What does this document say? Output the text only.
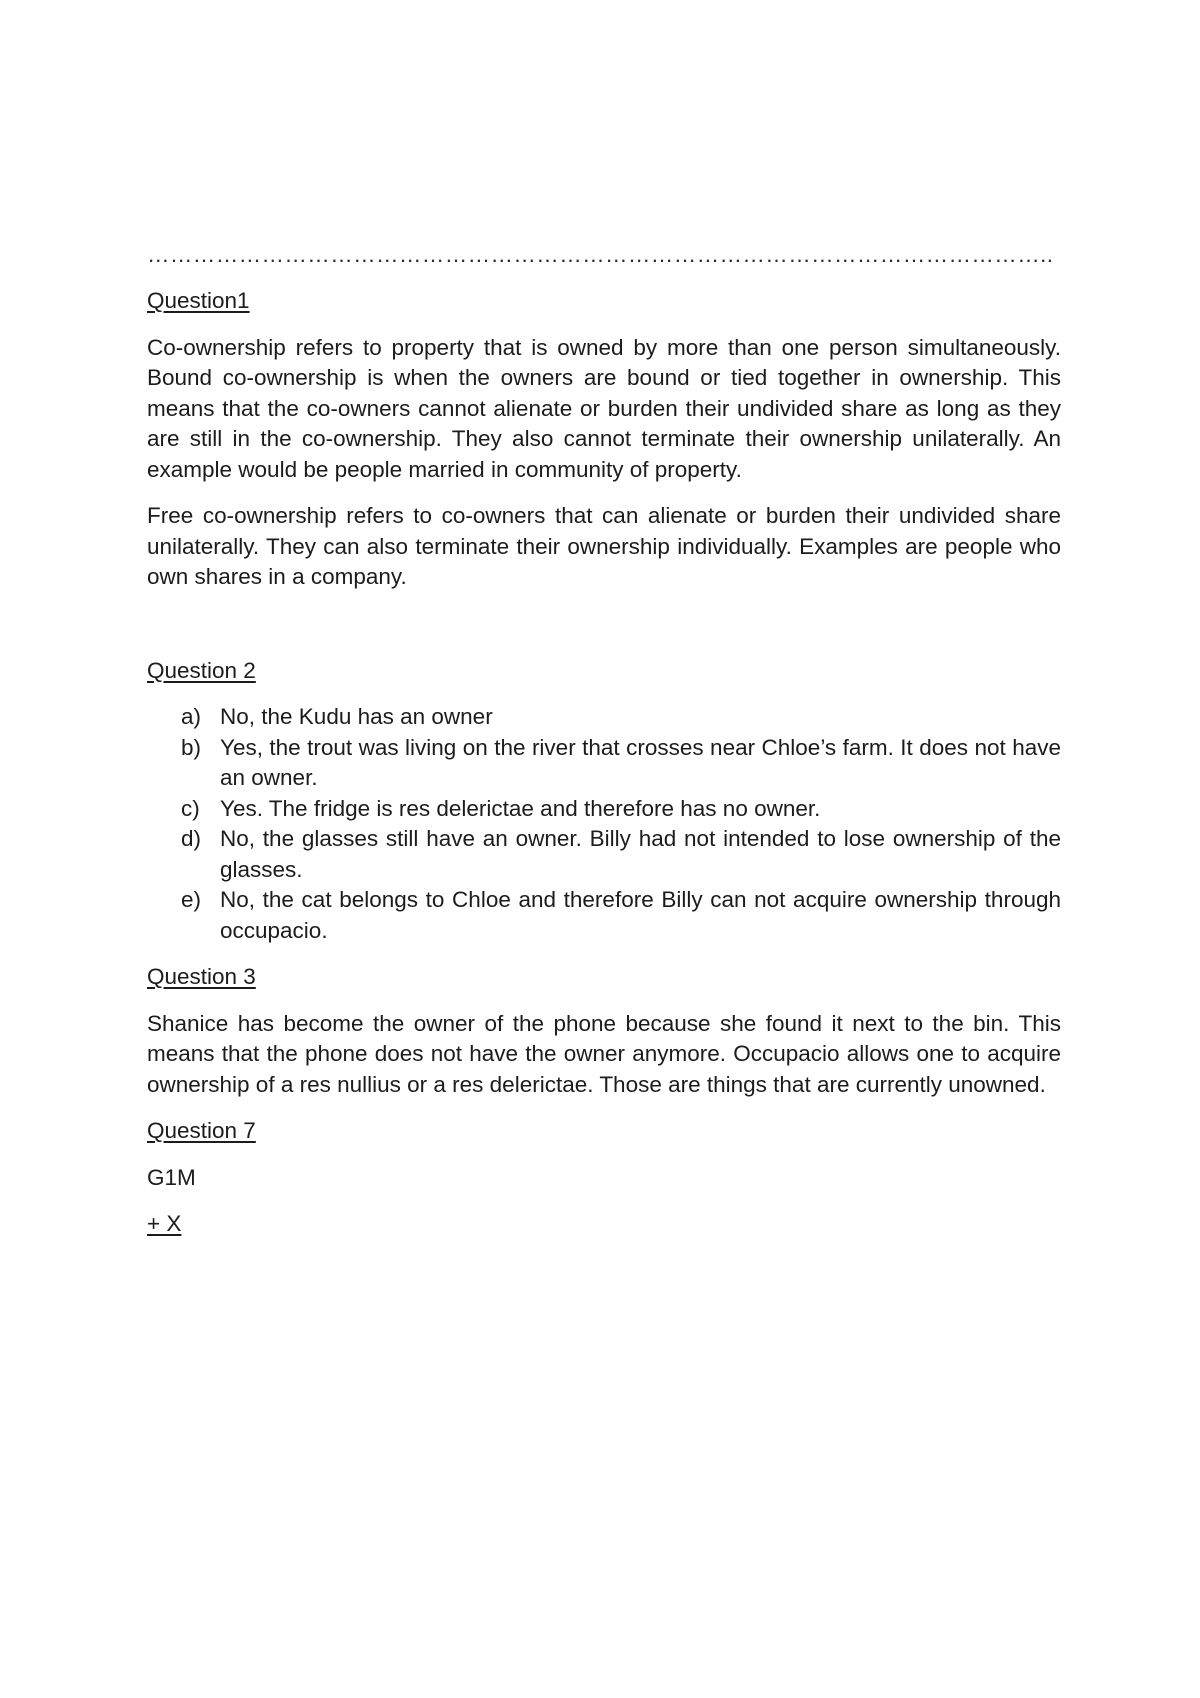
………………………………………………………………………………………………………..
Question1

Co-ownership refers to property that is owned by more than one person simultaneously. Bound co-ownership is when the owners are bound or tied together in ownership. This means that the co-owners cannot alienate or burden their undivided share as long as they are still in the co-ownership. They also cannot terminate their ownership unilaterally. An example would be people married in community of property.

Free co-ownership refers to co-owners that can alienate or burden their undivided share unilaterally. They can also terminate their ownership individually. Examples are people who own shares in a company.

Question 2
a) No, the Kudu has an owner
b) Yes, the trout was living on the river that crosses near Chloe’s farm. It does not have an owner.
c) Yes. The fridge is res delerictae and therefore has no owner.
d) No, the glasses still have an owner. Billy had not intended to lose ownership of the glasses.
e) No, the cat belongs to Chloe and therefore Billy can not acquire ownership through occupacio.
Question 3

Shanice has become the owner of the phone because she found it next to the bin. This means that the phone does not have the owner anymore. Occupacio allows one to acquire ownership of a res nullius or a res delerictae. Those are things that are currently unowned.

Question 7
G1M
+ X
